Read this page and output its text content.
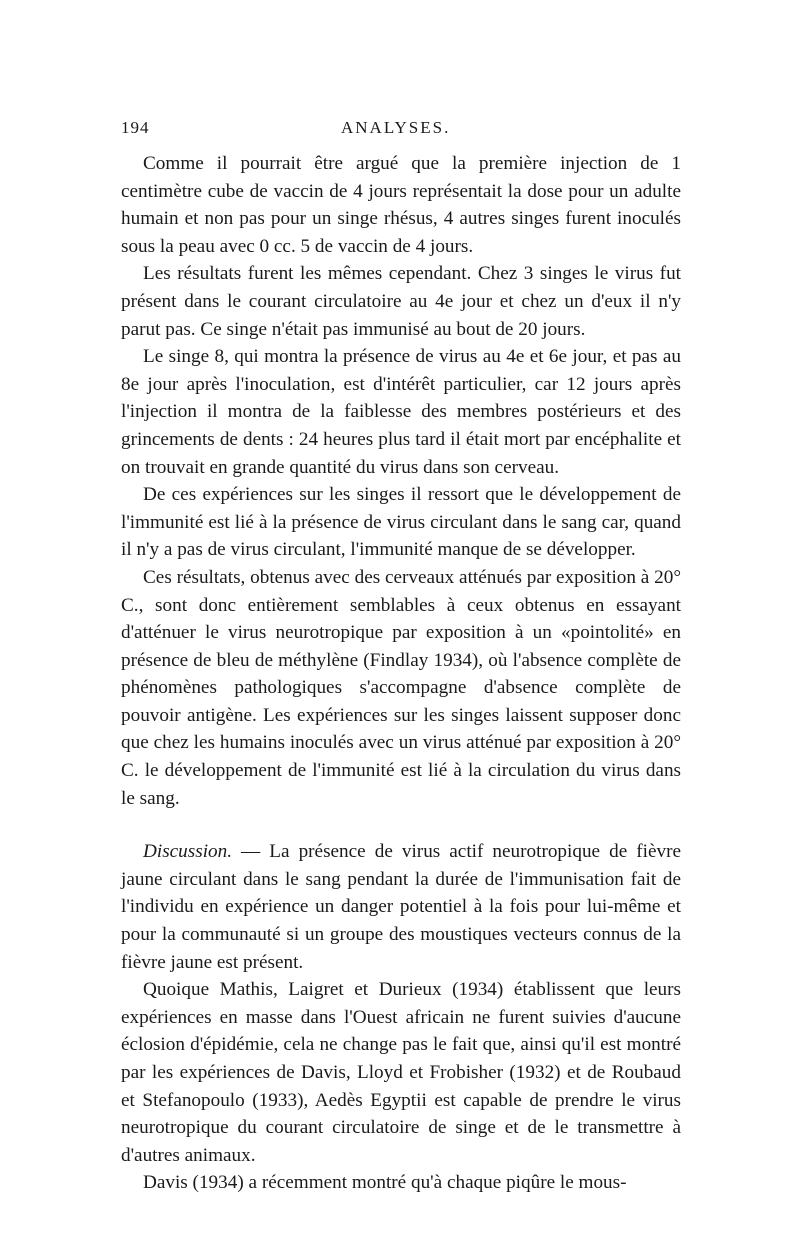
194	ANALYSES.

Comme il pourrait être argué que la première injection de 1 centimètre cube de vaccin de 4 jours représentait la dose pour un adulte humain et non pas pour un singe rhésus, 4 autres singes furent inoculés sous la peau avec 0 cc. 5 de vaccin de 4 jours.

Les résultats furent les mêmes cependant. Chez 3 singes le virus fut présent dans le courant circulatoire au 4e jour et chez un d'eux il n'y parut pas. Ce singe n'était pas immunisé au bout de 20 jours.

Le singe 8, qui montra la présence de virus au 4e et 6e jour, et pas au 8e jour après l'inoculation, est d'intérêt particulier, car 12 jours après l'injection il montra de la faiblesse des membres postérieurs et des grincements de dents : 24 heures plus tard il était mort par encéphalite et on trouvait en grande quantité du virus dans son cerveau.

De ces expériences sur les singes il ressort que le développement de l'immunité est lié à la présence de virus circulant dans le sang car, quand il n'y a pas de virus circulant, l'immunité manque de se développer.

Ces résultats, obtenus avec des cerveaux atténués par exposition à 20° C., sont donc entièrement semblables à ceux obtenus en essayant d'atténuer le virus neurotropique par exposition à un «pointolité» en présence de bleu de méthylène (Findlay 1934), où l'absence complète de phénomènes pathologiques s'accompagne d'absence complète de pouvoir antigène. Les expériences sur les singes laissent supposer donc que chez les humains inoculés avec un virus atténué par exposition à 20° C. le développement de l'immunité est lié à la circulation du virus dans le sang.

Discussion. — La présence de virus actif neurotropique de fièvre jaune circulant dans le sang pendant la durée de l'immunisation fait de l'individu en expérience un danger potentiel à la fois pour lui-même et pour la communauté si un groupe des moustiques vecteurs connus de la fièvre jaune est présent.

Quoique Mathis, Laigret et Durieux (1934) établissent que leurs expériences en masse dans l'Ouest africain ne furent suivies d'aucune éclosion d'épidémie, cela ne change pas le fait que, ainsi qu'il est montré par les expériences de Davis, Lloyd et Frobisher (1932) et de Roubaud et Stefanopoulo (1933), Aedès Egyptii est capable de prendre le virus neurotropique du courant circulatoire de singe et de le transmettre à d'autres animaux.

Davis (1934) a récemment montré qu'à chaque piqûre le mous-
